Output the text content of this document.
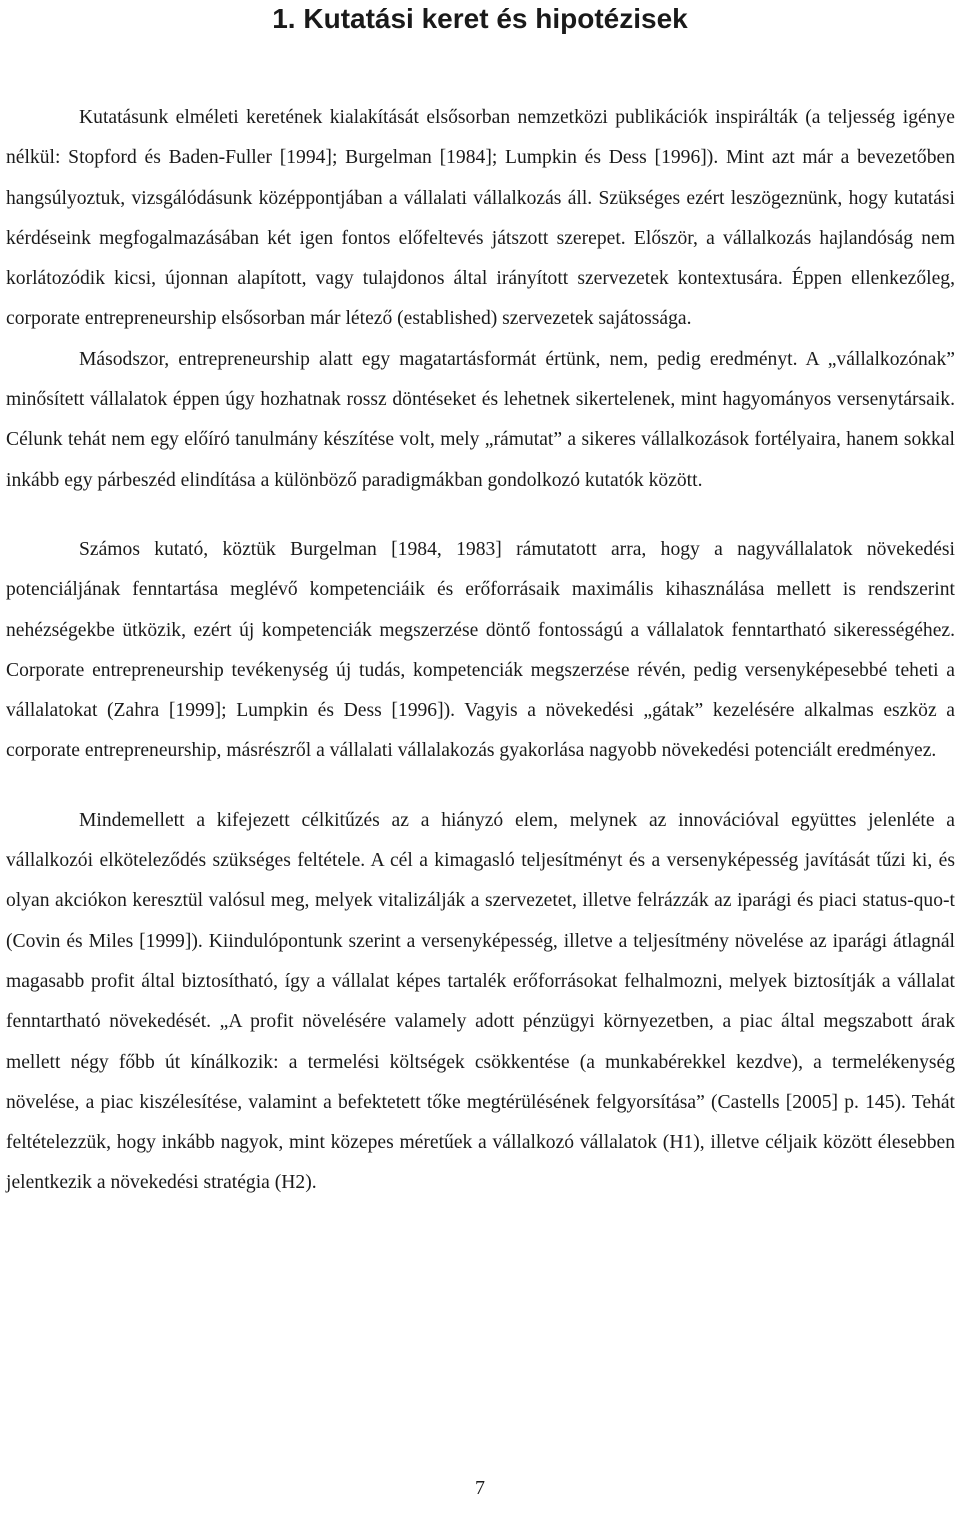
1. Kutatási keret és hipotézisek

Kutatásunk elméleti keretének kialakítását elsősorban nemzetközi publikációk inspirálták (a teljesség igénye nélkül: Stopford és Baden-Fuller [1994]; Burgelman [1984]; Lumpkin és Dess [1996]). Mint azt már a bevezetőben hangsúlyoztuk, vizsgálódásunk középpontjában a vállalati vállalkozás áll. Szükséges ezért leszögeznünk, hogy kutatási kérdéseink megfogalmazásában két igen fontos előfeltevés játszott szerepet. Először, a vállalkozás hajlandóság nem korlátozódik kicsi, újonnan alapított, vagy tulajdonos által irányított szervezetek kontextusára. Éppen ellenkezőleg, corporate entrepreneurship elsősorban már létező (established) szervezetek sajátossága.

Másodszor, entrepreneurship alatt egy magatartásformát értünk, nem, pedig eredményt. A „vállalkozónak” minősített vállalatok éppen úgy hozhatnak rossz döntéseket és lehetnek sikertelenek, mint hagyományos versenytársaik. Célunk tehát nem egy előíró tanulmány készítése volt, mely „rámutat” a sikeres vállalkozások fortélyaira, hanem sokkal inkább egy párbeszéd elindítása a különböző paradigmákban gondolkozó kutatók között.

Számos kutató, köztük Burgelman [1984, 1983] rámutatott arra, hogy a nagyvállalatok növekedési potenciáljának fenntartása meglévő kompetenciáik és erőforrásaik maximális kihasználása mellett is rendszerint nehézségekbe ütközik, ezért új kompetenciák megszerzése döntő fontosságú a vállalatok fenntartható sikerességéhez. Corporate entrepreneurship tevékenység új tudás, kompetenciák megszerzése révén, pedig versenyképesebbé teheti a vállalatokat (Zahra [1999]; Lumpkin és Dess [1996]). Vagyis a növekedési „gátak” kezelésére alkalmas eszköz a corporate entrepreneurship, másrészről a vállalati vállalakozás gyakorlása nagyobb növekedési potenciált eredményez.

Mindemellett a kifejezett célkitűzés az a hiányzó elem, melynek az innovációval együttes jelenléte a vállalkozói elköteleződés szükséges feltétele. A cél a kimagasló teljesítményt és a versenyképesség javítását tűzi ki, és olyan akciókon keresztül valósul meg, melyek vitalizálják a szervezetet, illetve felrázzák az iparági és piaci status-quo-t (Covin és Miles [1999]). Kiindulópontunk szerint a versenyképesség, illetve a teljesítmény növelése az iparági átlagnál magasabb profit által biztosítható, így a vállalat képes tartalék erőforrásokat felhalmozni, melyek biztosítják a vállalat fenntartható növekedését. „A profit növelésére valamely adott pénzügyi környezetben, a piac által megszabott árak mellett négy főbb út kínálkozik: a termelési költségek csökkentése (a munkabérekkel kezdve), a termelékenység növelése, a piac kiszélesítése, valamint a befektetett tőke megtérülésének felgyorsítása” (Castells [2005] p. 145). Tehát feltételezzük, hogy inkább nagyok, mint közepes méretűek a vállalkozó vállalatok (H1), illetve céljaik között élesebben jelentkezik a növekedési stratégia (H2).

7
